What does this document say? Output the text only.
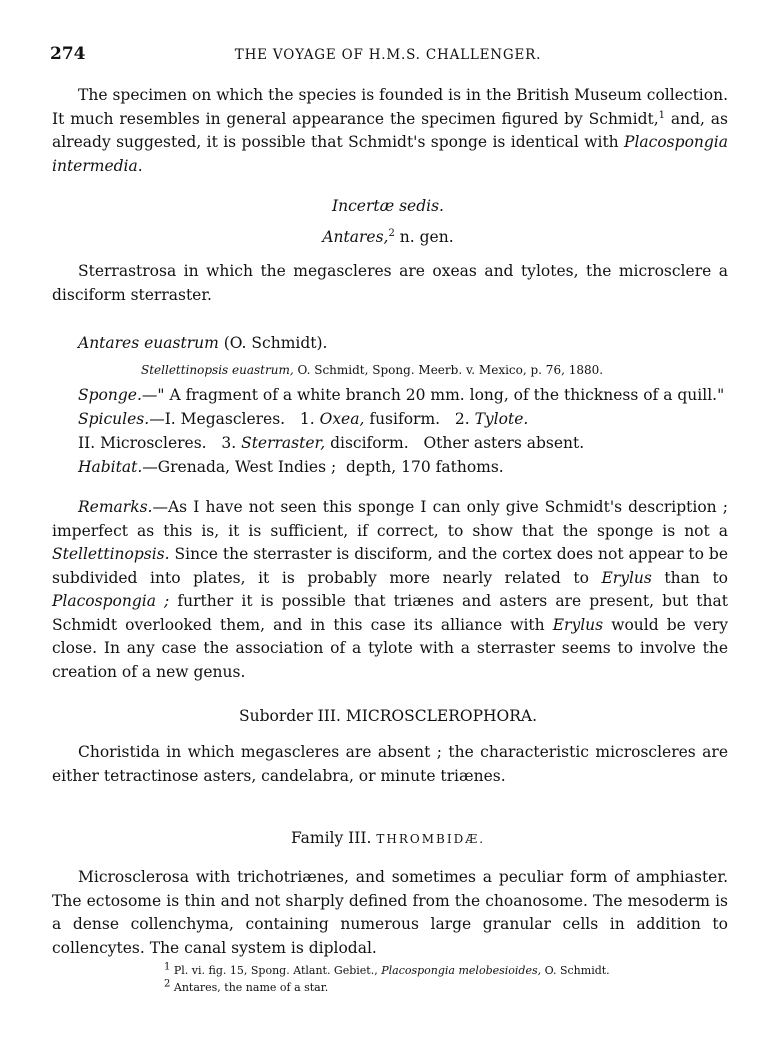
274	THE VOYAGE OF H.M.S. CHALLENGER.

The specimen on which the species is founded is in the British Museum collection. It much resembles in general appearance the specimen figured by Schmidt,$^1$ and, as already suggested, it is possible that Schmidt's sponge is identical with Placospongia intermedia.

Incertæ sedis.
Antares,$^2$ n. gen.

Sterrastrosa in which the megascleres are oxeas and tylotes, the microsclere a disciform sterraster.

Antares euastrum (O. Schmidt).
Stellettinopsis euastrum, O. Schmidt, Spong. Meerb. v. Mexico, p. 76, 1880.
Sponge.—" A fragment of a white branch 20 mm. long, of the thickness of a quill."
Spicules.—I. Megascleres.   1. Oxea, fusiform.   2. Tylote.
II. Microscleres.   3. Sterraster, disciform.   Other asters absent.
Habitat.—Grenada, West Indies ;  depth, 170 fathoms.

Remarks.—As I have not seen this sponge I can only give Schmidt's description ; imperfect as this is, it is sufficient, if correct, to show that the sponge is not a Stellettinopsis. Since the sterraster is disciform, and the cortex does not appear to be subdivided into plates, it is probably more nearly related to Erylus than to Placospongia ; further it is possible that triænes and asters are present, but that Schmidt overlooked them, and in this case its alliance with Erylus would be very close. In any case the association of a tylote with a sterraster seems to involve the creation of a new genus.

Suborder III. MICROSCLEROPHORA.

Choristida in which megascleres are absent ; the characteristic microscleres are either tetractinose asters, candelabra, or minute triænes.

Family III. THROMBIDÆ.

Microsclerosa with trichotriænes, and sometimes a peculiar form of amphiaster. The ectosome is thin and not sharply defined from the choanosome. The mesoderm is a dense collenchyma, containing numerous large granular cells in addition to collencytes. The canal system is diplodal.

$^1$ Pl. vi. fig. 15, Spong. Atlant. Gebiet., Placospongia melobesioides, O. Schmidt.
$^2$ Antares, the name of a star.
